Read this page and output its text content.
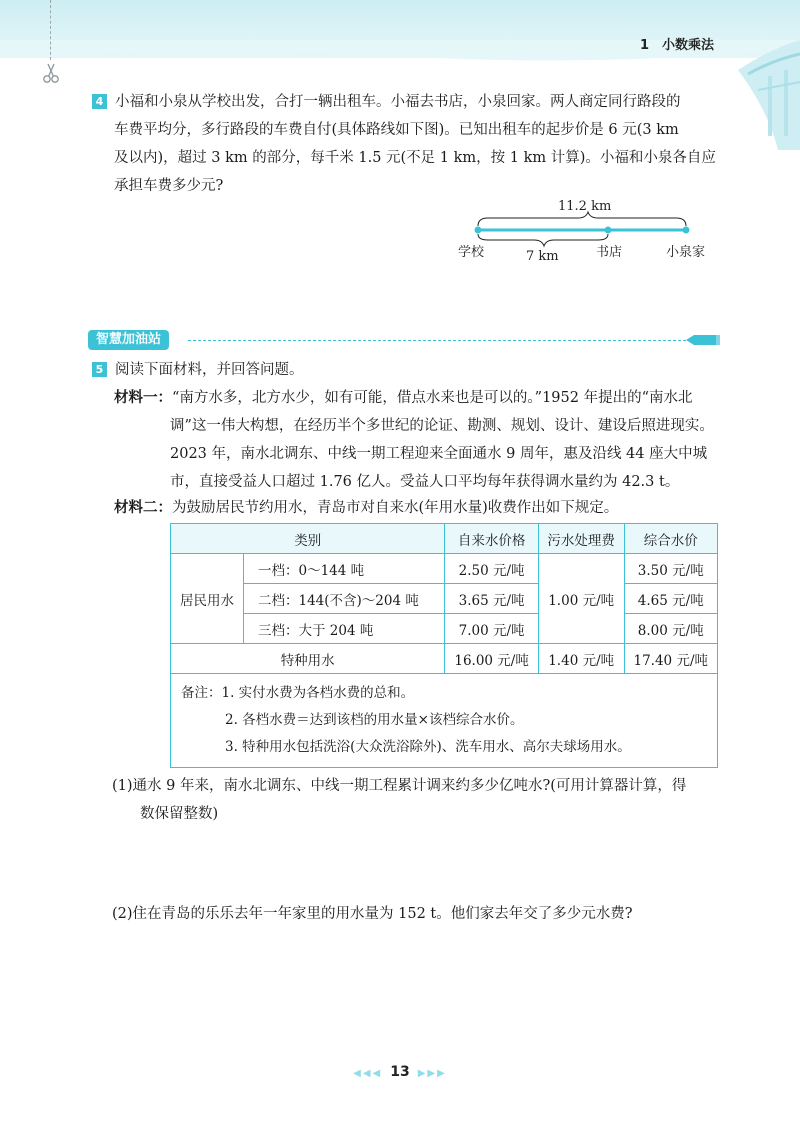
1　小数乘法
4 小福和小泉从学校出发，合打一辆出租车。小福去书店，小泉回家。两人商定同行路段的
车费平均分，多行路段的车费自付(具体路线如下图)。已知出租车的起步价是 6 元(3 km
及以内)，超过 3 km 的部分，每千米 1.5 元(不足 1 km，按 1 km 计算)。小福和小泉各自应
承担车费多少元?
11.2 km
学校	7 km	书店	小泉家
智慧加油站
5 阅读下面材料，并回答问题。
材料一：“南方水多，北方水少，如有可能，借点水来也是可以的。”1952 年提出的“南水北
调”这一伟大构想，在经历半个多世纪的论证、勘测、规划、设计、建设后照进现实。
2023 年，南水北调东、中线一期工程迎来全面通水 9 周年，惠及沿线 44 座大中城
市，直接受益人口超过 1.76 亿人。受益人口平均每年获得调水量约为 42.3 t。
材料二：为鼓励居民节约用水，青岛市对自来水(年用水量)收费作出如下规定。
类别		自来水价格	污水处理费	综合水价
居民用水	一档：0～144 吨	2.50 元/吨	1.00 元/吨	3.50 元/吨
	二档：144(不含)～204 吨	3.65 元/吨		4.65 元/吨
	三档：大于 204 吨	7.00 元/吨		8.00 元/吨
特种用水		16.00 元/吨	1.40 元/吨	17.40 元/吨

备注：1. 实付水费为各档水费的总和。
2. 各档水费＝达到该档的用水量×该档综合水价。
3. 特种用水包括洗浴(大众洗浴除外)、洗车用水、高尔夫球场用水。				
(1)通水 9 年来，南水北调东、中线一期工程累计调来约多少亿吨水?(可用计算器计算，得
数保留整数)
(2)住在青岛的乐乐去年一年家里的用水量为 152 t。他们家去年交了多少元水费?
◀◀◀ 13 ▶▶▶
